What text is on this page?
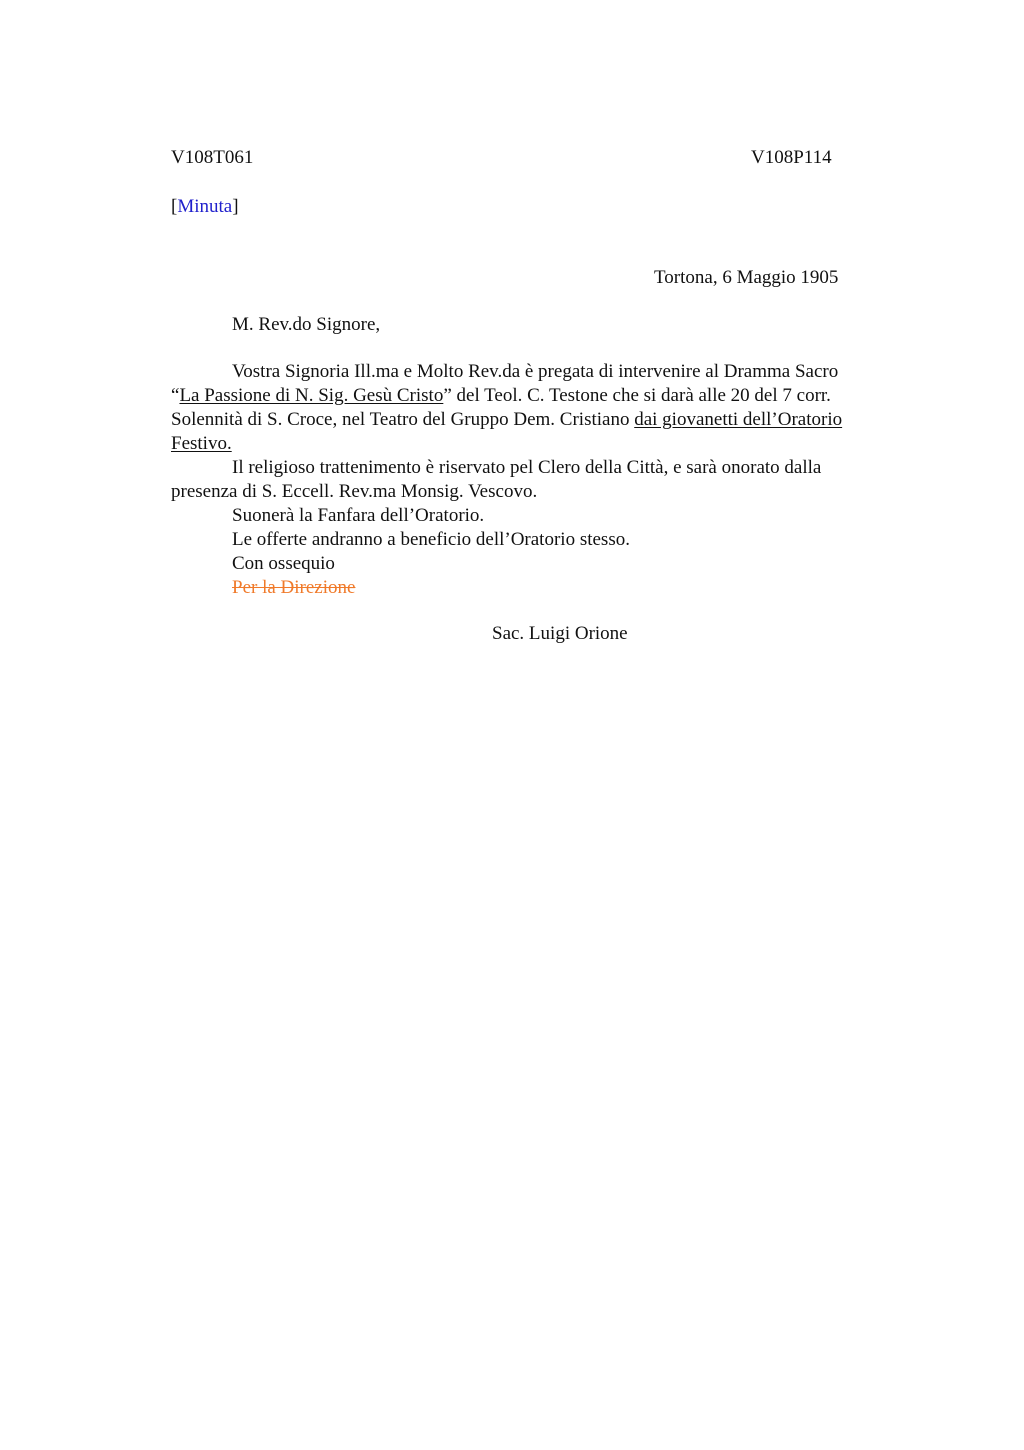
V108T061	V108P114
[Minuta]
Tortona, 6 Maggio 1905
M. Rev.do Signore,
Vostra Signoria Ill.ma e Molto Rev.da è pregata di intervenire al Dramma Sacro
“La Passione di N. Sig. Gesù Cristo” del Teol. C. Testone che si darà alle 20 del 7 corr.
Solennità di S. Croce, nel Teatro del Gruppo Dem. Cristiano dai giovanetti dell’Oratorio
Festivo.
Il religioso trattenimento è riservato pel Clero della Città, e sarà onorato dalla
presenza di S. Eccell. Rev.ma Monsig. Vescovo.
Suonerà la Fanfara dell’Oratorio.
Le offerte andranno a beneficio dell’Oratorio stesso.
Con ossequio
Per la Direzione
Sac. Luigi Orione
